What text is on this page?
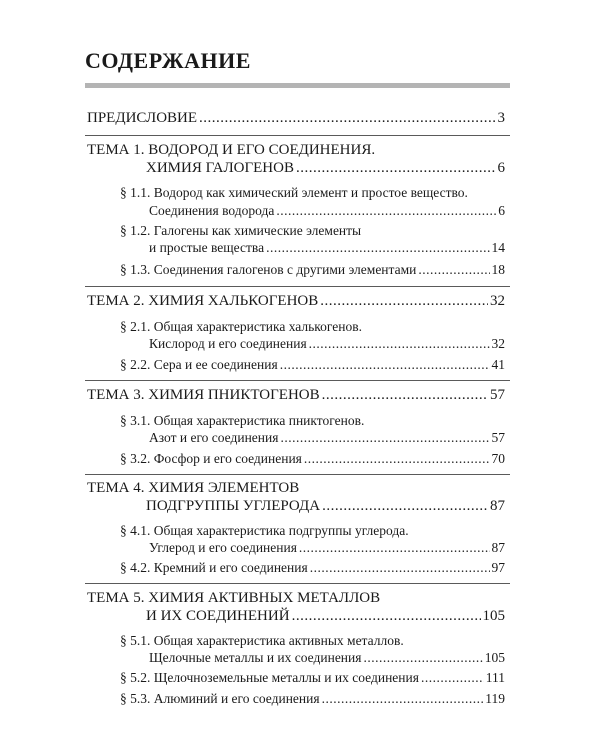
СОДЕРЖАНИЕ
ПРЕДИСЛОВИЕ .....	3
ТЕМА 1. ВОДОРОД И ЕГО СОЕДИНЕНИЯ.
ХИМИЯ ГАЛОГЕНОВ .....	6
§ 1.1. Водород как химический элемент и простое вещество.
Соединения водорода .....	6
§ 1.2. Галогены как химические элементы
и простые вещества .....	14
§ 1.3. Соединения галогенов с другими элементами .....	18
ТЕМА 2. ХИМИЯ ХАЛЬКОГЕНОВ .....	32
§ 2.1. Общая характеристика халькогенов.
Кислород и его соединения .....	32
§ 2.2. Сера и ее соединения .....	41
ТЕМА 3. ХИМИЯ ПНИКТОГЕНОВ .....	57
§ 3.1. Общая характеристика пниктогенов.
Азот и его соединения .....	57
§ 3.2. Фосфор и его соединения .....	70
ТЕМА 4. ХИМИЯ ЭЛЕМЕНТОВ
ПОДГРУППЫ УГЛЕРОДА .....	87
§ 4.1. Общая характеристика подгруппы углерода.
Углерод и его соединения .....	87
§ 4.2. Кремний и его соединения .....	97
ТЕМА 5. ХИМИЯ АКТИВНЫХ МЕТАЛЛОВ
И ИХ СОЕДИНЕНИЙ .....	105
§ 5.1. Общая характеристика активных металлов.
Щелочные металлы и их соединения .....	105
§ 5.2. Щелочноземельные металлы и их соединения .....	111
§ 5.3. Алюминий и его соединения .....	119
